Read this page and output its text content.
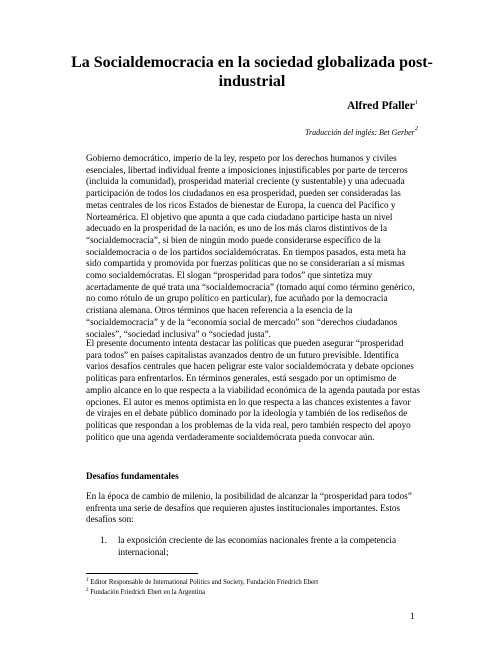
La Socialdemocracia en la sociedad globalizada post-industrial
Alfred Pfaller$^1$
Traducción del inglés: Bet Gerber$^2$

Gobierno democrático, imperio de la ley, respeto por los derechos humanos y civiles esenciales, libertad individual frente a imposiciones injustificables por parte de terceros (incluida la comunidad), prosperidad material creciente (y sustentable) y una adecuada participación de todos los ciudadanos en esa prosperidad, pueden ser consideradas las metas centrales de los ricos Estados de bienestar de Europa, la cuenca del Pacífico y Norteamérica. El objetivo que apunta a que cada ciudadano participe hasta un nivel adecuado en la prosperidad de la nación, es uno de los más claros distintivos de la “socialdemocracia”, si bien de ningún modo puede considerarse específico de la socialdemocracia o de los partidos socialdemócratas. En tiempos pasados, esta meta ha sido compartida y promovida por fuerzas políticas que no se considerarían a sí mismas como socialdemócratas. El slogan “prosperidad para todos” que sintetiza muy acertadamente de qué trata una “socialdemocracia” (tomado aquí como término genérico, no como rótulo de un grupo político en particular), fue acuñado por la democracia cristiana alemana. Otros términos que hacen referencia a la esencia de la “socialdemocracia” y de la “economía social de mercado” son “derechos ciudadanos sociales”, “sociedad inclusiva” o “sociedad justa”.

El presente documento intenta destacar las políticas que pueden asegurar “prosperidad para todos” en países capitalistas avanzados dentro de un futuro previsible. Identifica varios desafíos centrales que hacen peligrar este valor socialdemócrata y debate opciones políticas para enfrentarlos. En términos generales, está sesgado por un optimismo de amplio alcance en lo que respecta a la viabilidad económica de la agenda pautada por estas opciones. El autor es menos optimista en lo que respecta a las chances existentes a favor de virajes en el debate público dominado por la ideología y también de los rediseños de políticas que respondan a los problemas de la vida real, pero también respecto del apoyo político que una agenda verdaderamente socialdemócrata pueda convocar aún.

Desafíos fundamentales

En la época de cambio de milenio, la posibilidad de alcanzar la “prosperidad para todos” enfrenta una serie de desafíos que requieren ajustes institucionales importantes. Estos desafíos son:

1. la exposición creciente de las economías nacionales frente a la competencia internacional;
$^1$ Editor Responsable de International Politics and Society, Fundación Friedrich Ebert
$^2$ Fundación Friedrich Ebert en la Argentina
1
